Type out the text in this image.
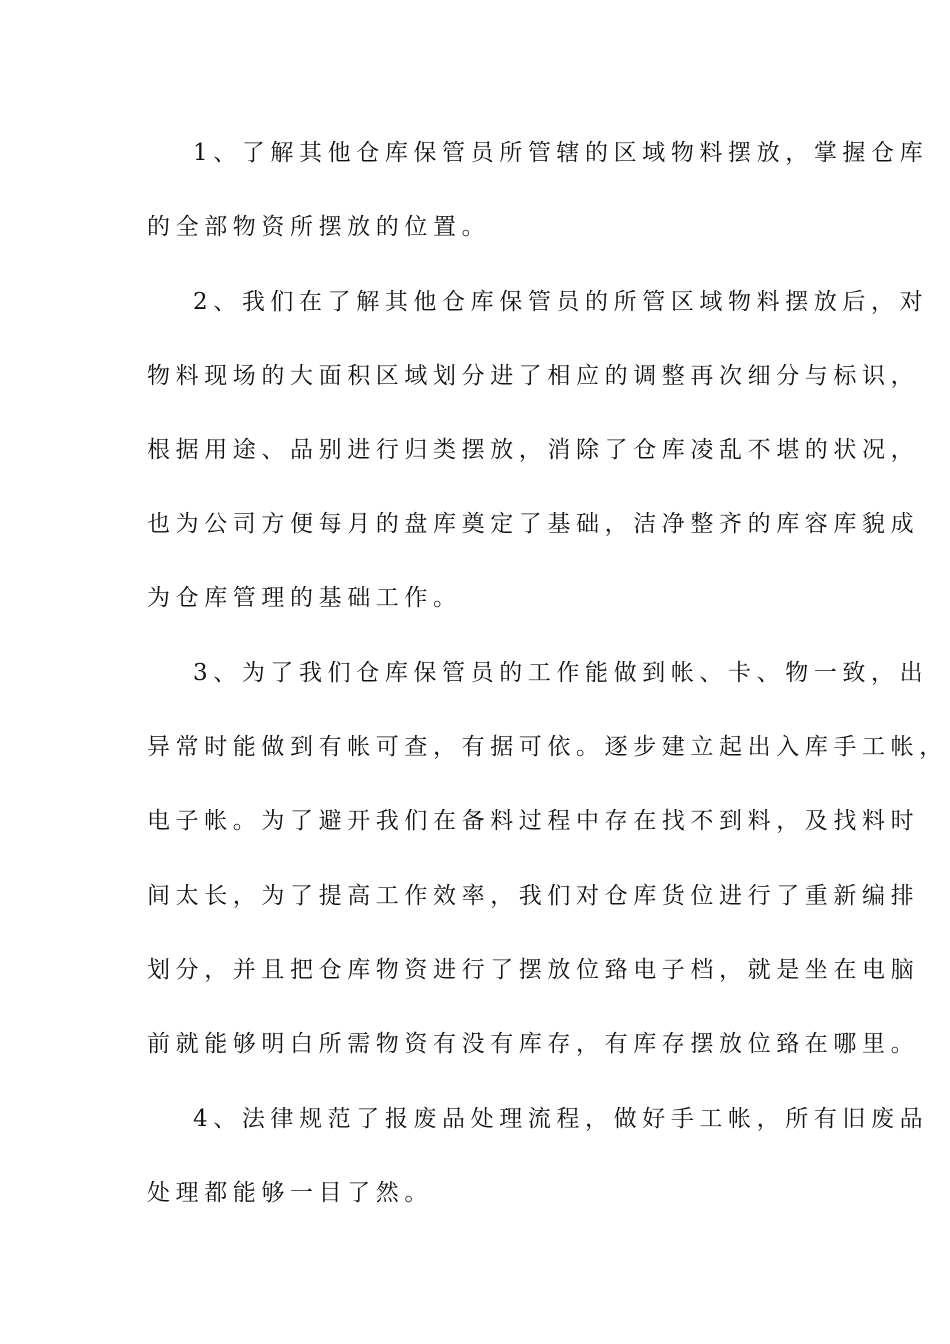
1、了解其他仓库保管员所管辖的区域物料摆放，掌握仓库
的全部物资所摆放的位置。
2、我们在了解其他仓库保管员的所管区域物料摆放后，对
物料现场的大面积区域划分进了相应的调整再次细分与标识，
根据用途、品别进行归类摆放，消除了仓库凌乱不堪的状况，
也为公司方便每月的盘库奠定了基础，洁净整齐的库容库貌成
为仓库管理的基础工作。
3、为了我们仓库保管员的工作能做到帐、卡、物一致，出
异常时能做到有帐可查，有据可依。逐步建立起出入库手工帐，
电子帐。为了避开我们在备料过程中存在找不到料，及找料时
间太长，为了提高工作效率，我们对仓库货位进行了重新编排
划分，并且把仓库物资进行了摆放位臵电子档，就是坐在电脑
前就能够明白所需物资有没有库存，有库存摆放位臵在哪里。
4、法律规范了报废品处理流程，做好手工帐，所有旧废品
处理都能够一目了然。
